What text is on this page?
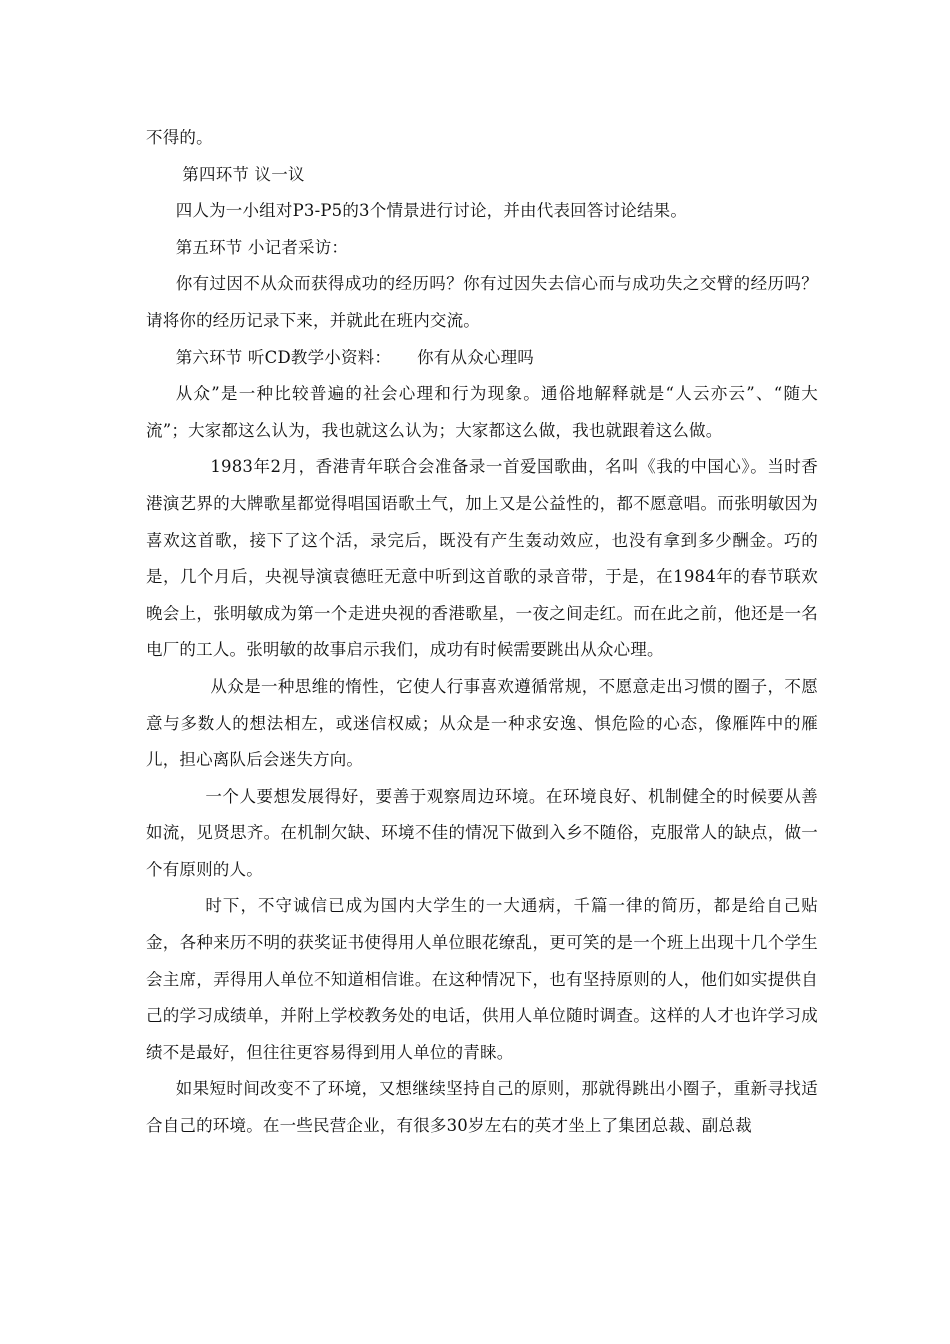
不得的。

第四环节 议一议

四人为一小组对P3-P5的3个情景进行讨论，并由代表回答讨论结果。

第五环节 小记者采访：

你有过因不从众而获得成功的经历吗？你有过因失去信心而与成功失之交臂的经历吗？请将你的经历记录下来，并就此在班内交流。

第六环节 听CD教学小资料： 你有从众心理吗

从众”是一种比较普遍的社会心理和行为现象。通俗地解释就是“人云亦云”、“随大流”；大家都这么认为，我也就这么认为；大家都这么做，我也就跟着这么做。

1983年2月，香港青年联合会准备录一首爱国歌曲，名叫《我的中国心》。当时香港演艺界的大牌歌星都觉得唱国语歌土气，加上又是公益性的，都不愿意唱。而张明敏因为喜欢这首歌，接下了这个活，录完后，既没有产生轰动效应，也没有拿到多少酬金。巧的是，几个月后，央视导演袁德旺无意中听到这首歌的录音带，于是，在1984年的春节联欢晚会上，张明敏成为第一个走进央视的香港歌星，一夜之间走红。而在此之前，他还是一名电厂的工人。张明敏的故事启示我们，成功有时候需要跳出从众心理。

从众是一种思维的惰性，它使人行事喜欢遵循常规，不愿意走出习惯的圈子，不愿意与多数人的想法相左，或迷信权威；从众是一种求安逸、惧危险的心态，像雁阵中的雁儿，担心离队后会迷失方向。

一个人要想发展得好，要善于观察周边环境。在环境良好、机制健全的时候要从善如流，见贤思齐。在机制欠缺、环境不佳的情况下做到入乡不随俗，克服常人的缺点，做一个有原则的人。

时下，不守诚信已成为国内大学生的一大通病，千篇一律的简历，都是给自己贴金，各种来历不明的获奖证书使得用人单位眼花缭乱，更可笑的是一个班上出现十几个学生会主席，弄得用人单位不知道相信谁。在这种情况下，也有坚持原则的人，他们如实提供自己的学习成绩单，并附上学校教务处的电话，供用人单位随时调查。这样的人才也许学习成绩不是最好，但往往更容易得到用人单位的青睐。

如果短时间改变不了环境，又想继续坚持自己的原则，那就得跳出小圈子，重新寻找适合自己的环境。在一些民营企业，有很多30岁左右的英才坐上了集团总裁、副总裁
